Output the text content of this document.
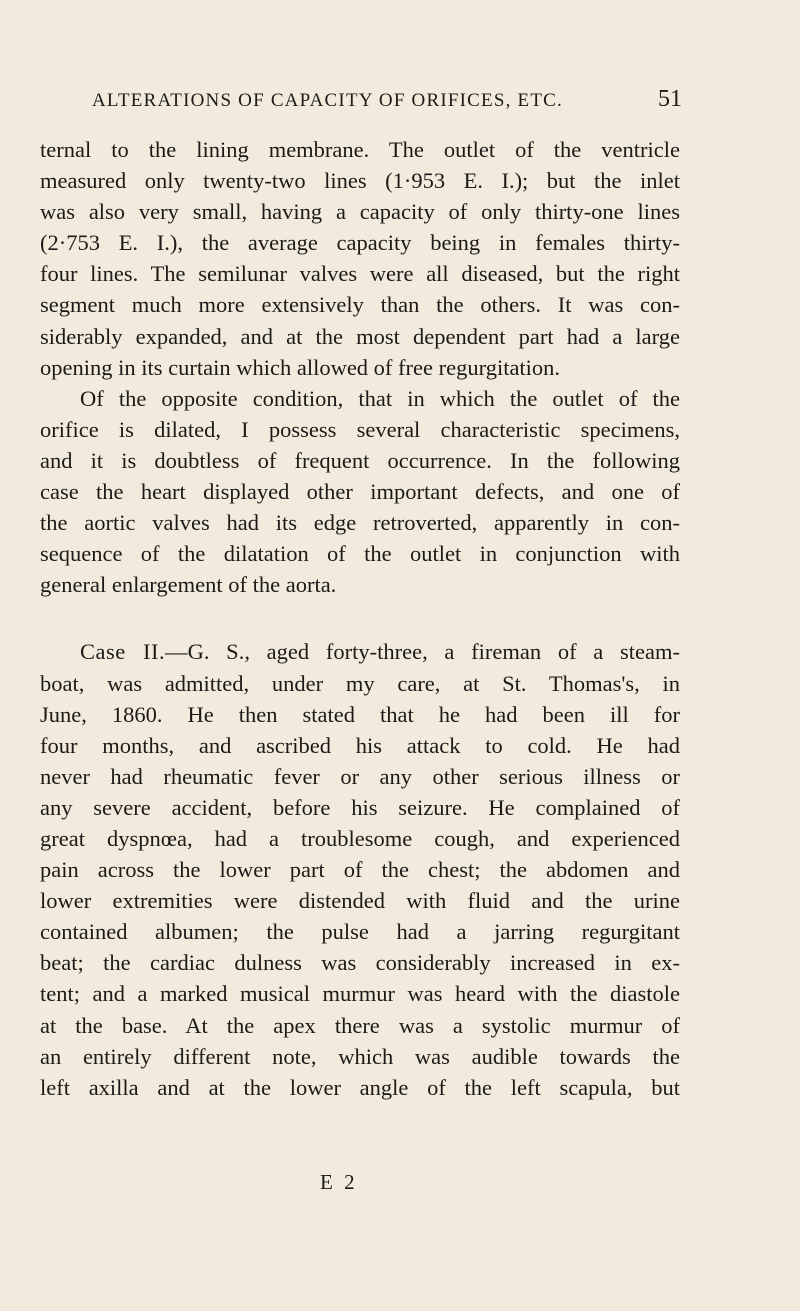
ALTERATIONS OF CAPACITY OF ORIFICES, ETC.	51
ternal to the lining membrane. The outlet of the ventricle
measured only twenty-two lines (1·953 E. I.); but the inlet
was also very small, having a capacity of only thirty-one lines
(2·753 E. I.), the average capacity being in females thirty-
four lines. The semilunar valves were all diseased, but the right
segment much more extensively than the others. It was con-
siderably expanded, and at the most dependent part had a large
opening in its curtain which allowed of free regurgitation.
Of the opposite condition, that in which the outlet of the
orifice is dilated, I possess several characteristic specimens,
and it is doubtless of frequent occurrence. In the following
case the heart displayed other important defects, and one of
the aortic valves had its edge retroverted, apparently in con-
sequence of the dilatation of the outlet in conjunction with
general enlargement of the aorta.
Case II.—G. S., aged forty-three, a fireman of a steam-
boat, was admitted, under my care, at St. Thomas's, in
June, 1860. He then stated that he had been ill for
four months, and ascribed his attack to cold. He had
never had rheumatic fever or any other serious illness or
any severe accident, before his seizure. He complained of
great dyspnœa, had a troublesome cough, and experienced
pain across the lower part of the chest; the abdomen and
lower extremities were distended with fluid and the urine
contained albumen; the pulse had a jarring regurgitant
beat; the cardiac dulness was considerably increased in ex-
tent; and a marked musical murmur was heard with the diastole
at the base. At the apex there was a systolic murmur of
an entirely different note, which was audible towards the
left axilla and at the lower angle of the left scapula, but
E 2
